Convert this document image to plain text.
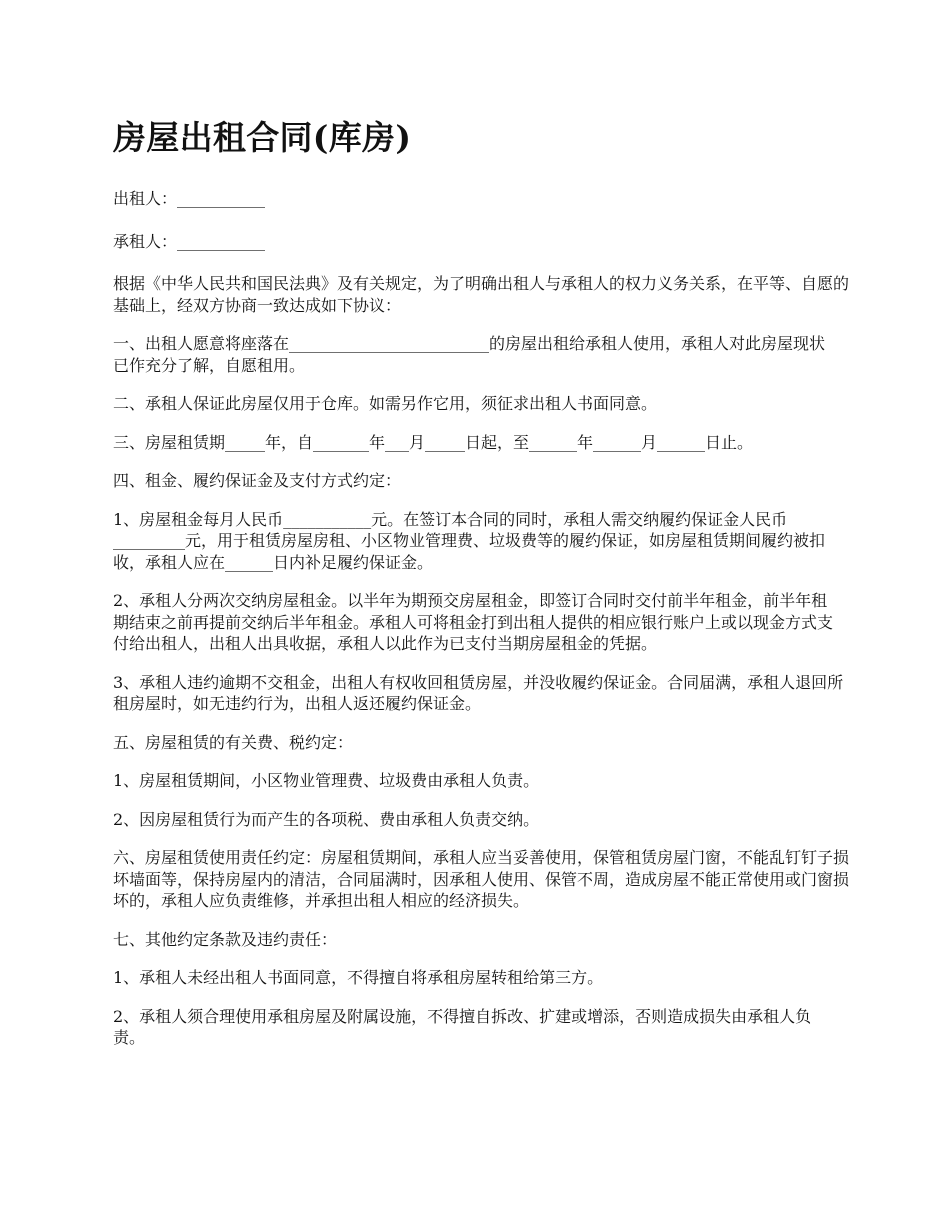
房屋出租合同(库房)

出租人：___________

承租人：___________

根据《中华人民共和国民法典》及有关规定，为了明确出租人与承租人的权力义务关系，在平等、自愿的基础上，经双方协商一致达成如下协议：

一、出租人愿意将座落在_________________________的房屋出租给承租人使用，承租人对此房屋现状已作充分了解，自愿租用。

二、承租人保证此房屋仅用于仓库。如需另作它用，须征求出租人书面同意。

三、房屋租赁期_____年，自_______年___月_____日起，至______年______月______日止。

四、租金、履约保证金及支付方式约定：

1、房屋租金每月人民币___________元。在签订本合同的同时，承租人需交纳履约保证金人民币_________元，用于租赁房屋房租、小区物业管理费、垃圾费等的履约保证，如房屋租赁期间履约被扣收，承租人应在______日内补足履约保证金。

2、承租人分两次交纳房屋租金。以半年为期预交房屋租金，即签订合同时交付前半年租金，前半年租期结束之前再提前交纳后半年租金。承租人可将租金打到出租人提供的相应银行账户上或以现金方式支付给出租人，出租人出具收据，承租人以此作为已支付当期房屋租金的凭据。

3、承租人违约逾期不交租金，出租人有权收回租赁房屋，并没收履约保证金。合同届满，承租人退回所租房屋时，如无违约行为，出租人返还履约保证金。

五、房屋租赁的有关费、税约定：

1、房屋租赁期间，小区物业管理费、垃圾费由承租人负责。

2、因房屋租赁行为而产生的各项税、费由承租人负责交纳。

六、房屋租赁使用责任约定：房屋租赁期间，承租人应当妥善使用，保管租赁房屋门窗，不能乱钉钉子损坏墙面等，保持房屋内的清洁，合同届满时，因承租人使用、保管不周，造成房屋不能正常使用或门窗损坏的，承租人应负责维修，并承担出租人相应的经济损失。

七、其他约定条款及违约责任：

1、承租人未经出租人书面同意，不得擅自将承租房屋转租给第三方。

2、承租人须合理使用承租房屋及附属设施，不得擅自拆改、扩建或增添，否则造成损失由承租人负责。
